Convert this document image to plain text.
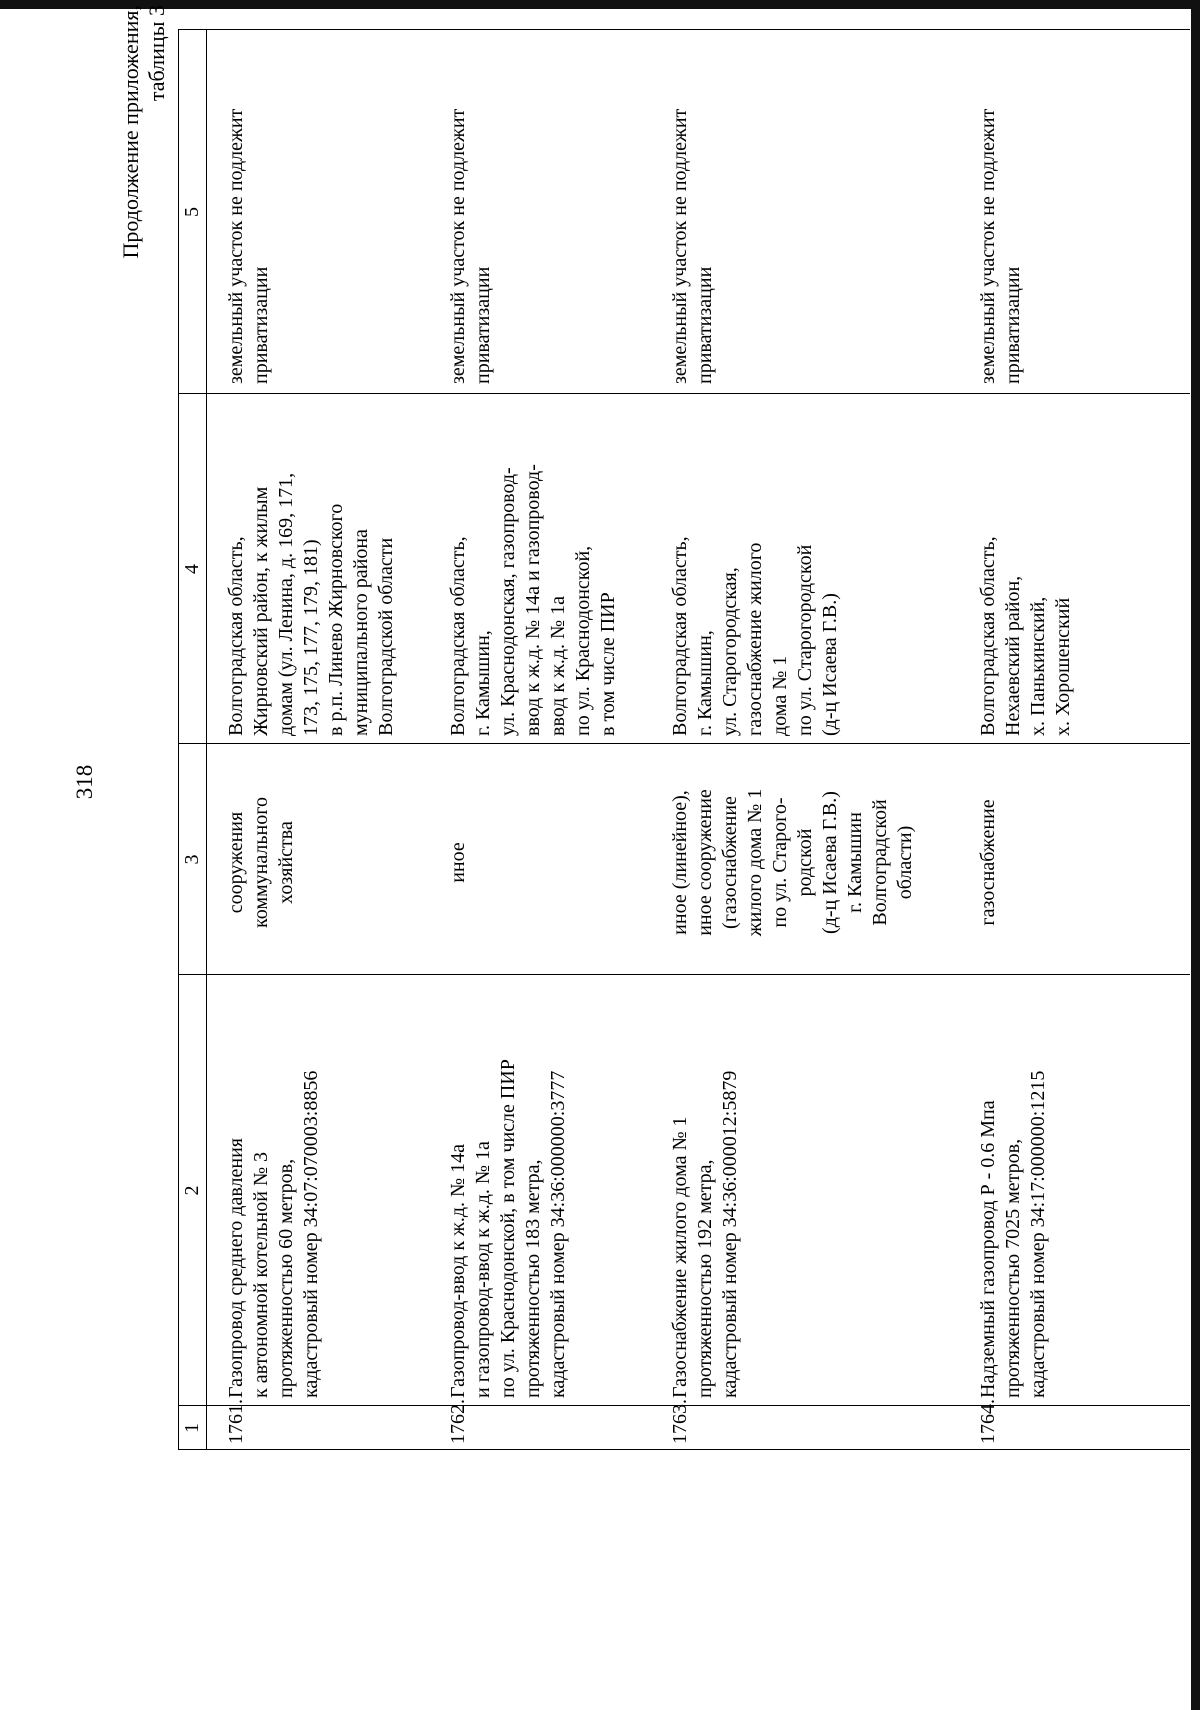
318
Продолжение приложения,
таблицы 3
1
2
3
4
5
1761.
Газопровод среднего давления
к автономной котельной № 3
протяженностью 60 метров,
кадастровый номер 34:07:070003:8856
сооружения
коммунального
хозяйства
Волгоградская область,
Жирновский район, к жилым
домам (ул. Ленина, д. 169, 171,
173, 175, 177, 179, 181)
в р.п. Линево Жирновского
муниципального района
Волгоградской области
земельный участок не подлежит
приватизации
1762.
Газопровод-ввод к ж.д. № 14а
и газопровод-ввод к ж.д. № 1а
по ул. Краснодонской, в том числе ПИР
протяженностью 183 метра,
кадастровый номер 34:36:000000:3777
иное
Волгоградская область,
г. Камышин,
ул. Краснодонская, газопровод-
ввод к ж.д. № 14а и газопровод-
ввод к ж.д. № 1а
по ул. Краснодонской,
в том числе ПИР
земельный участок не подлежит
приватизации
1763.
Газоснабжение жилого дома № 1
протяженностью 192 метра,
кадастровый номер 34:36:000012:5879
иное (линейное),
иное сооружение
(газоснабжение
жилого дома № 1
по ул. Старого-
родской
(д-ц Исаева Г.В.)
г. Камышин
Волгоградской
области)
Волгоградская область,
г. Камышин,
ул. Старогородская,
газоснабжение жилого
дома № 1
по ул. Старогородской
(д-ц Исаева Г.В.)
земельный участок не подлежит
приватизации
1764.
Надземный газопровод Р - 0.6 Мпа
протяженностью 7025 метров,
кадастровый номер 34:17:000000:1215
газоснабжение
Волгоградская область,
Нехаевский район,
х. Панькинский,
х. Хорошенский
земельный участок не подлежит
приватизации
